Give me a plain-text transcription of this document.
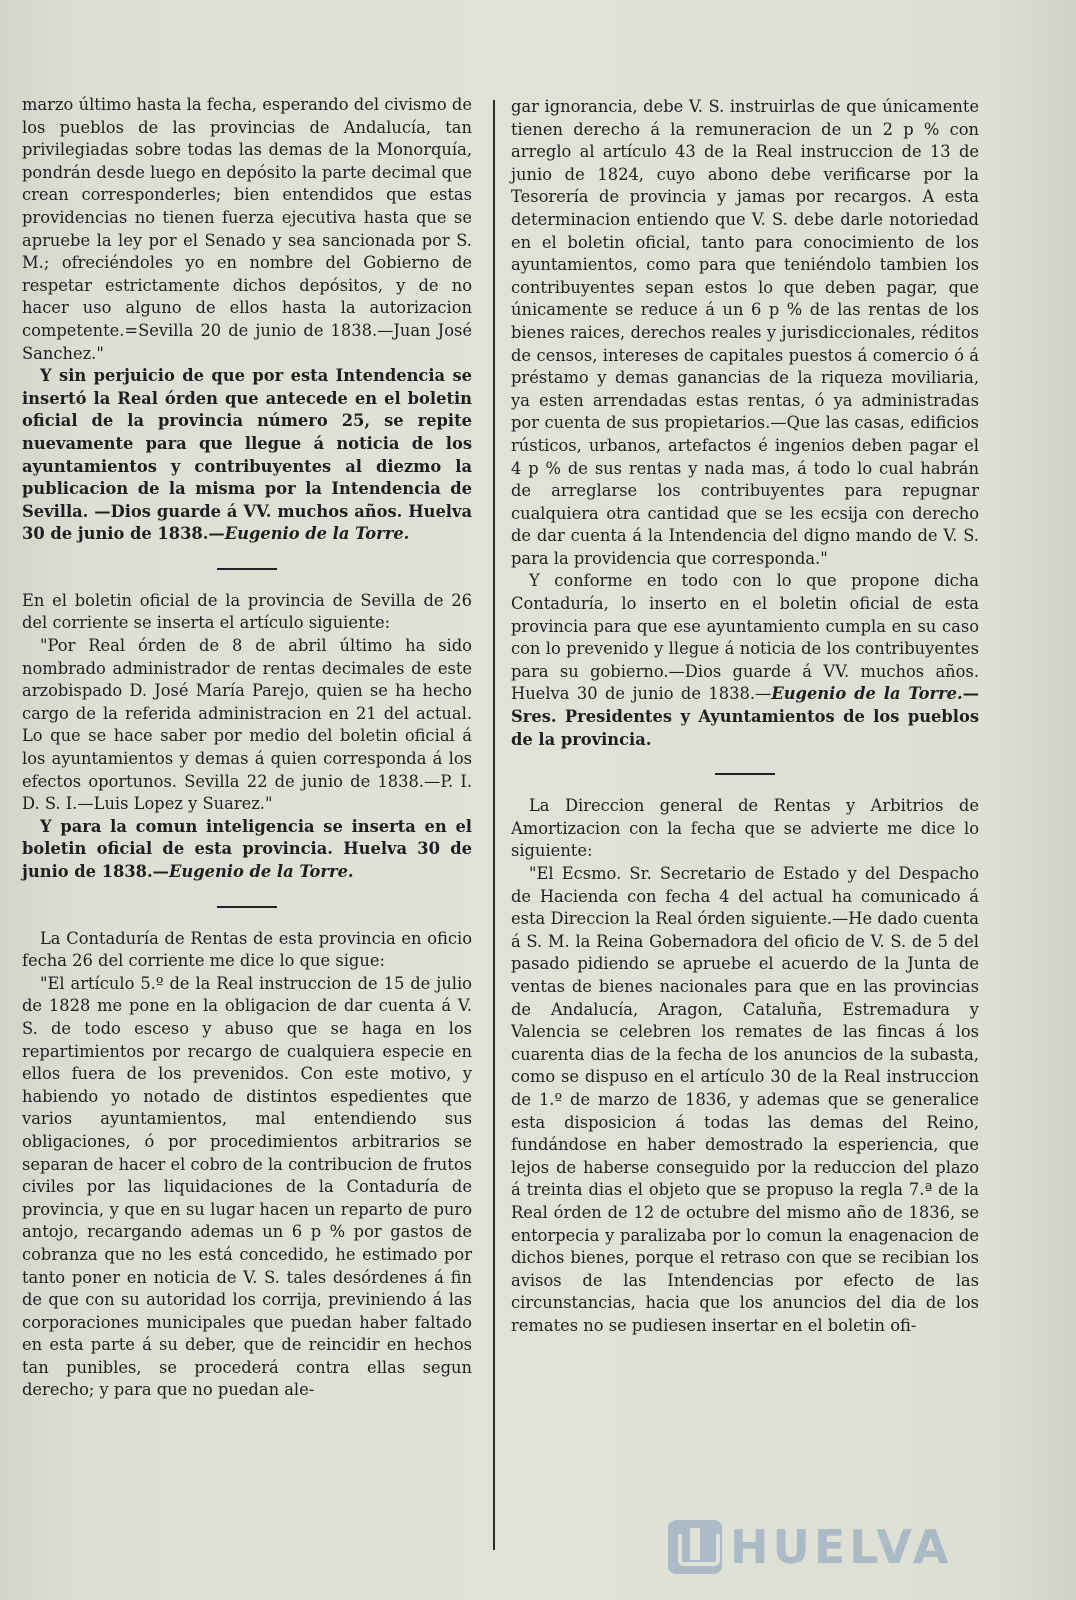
marzo último hasta la fecha, esperando del civismo de los pueblos de las provincias de Andalucía, tan privilegiadas sobre todas las demas de la Monorquía, pondrán desde luego en depósito la parte decimal que crean corresponderles; bien entendidos que estas providencias no tienen fuerza ejecutiva hasta que se apruebe la ley por el Senado y sea sancionada por S. M.; ofreciéndoles yo en nombre del Gobierno de respetar estrictamente dichos depósitos, y de no hacer uso alguno de ellos hasta la autorizacion competente.=Sevilla 20 de junio de 1838.—Juan José Sanchez."

Y sin perjuicio de que por esta Intendencia se insertó la Real órden que antecede en el boletin oficial de la provincia número 25, se repite nuevamente para que llegue á noticia de los ayuntamientos y contribuyentes al diezmo la publicacion de la misma por la Intendencia de Sevilla. —Dios guarde á VV. muchos años. Huelva 30 de junio de 1838.—Eugenio de la Torre.

En el boletin oficial de la provincia de Sevilla de 26 del corriente se inserta el artículo siguiente:

"Por Real órden de 8 de abril último ha sido nombrado administrador de rentas decimales de este arzobispado D. José María Parejo, quien se ha hecho cargo de la referida administracion en 21 del actual. Lo que se hace saber por medio del boletin oficial á los ayuntamientos y demas á quien corresponda á los efectos oportunos. Sevilla 22 de junio de 1838.—P. I. D. S. I.—Luis Lopez y Suarez."

Y para la comun inteligencia se inserta en el boletin oficial de esta provincia. Huelva 30 de junio de 1838.—Eugenio de la Torre.

La Contaduría de Rentas de esta provincia en oficio fecha 26 del corriente me dice lo que sigue:

"El artículo 5.º de la Real instruccion de 15 de julio de 1828 me pone en la obligacion de dar cuenta á V. S. de todo esceso y abuso que se haga en los repartimientos por recargo de cualquiera especie en ellos fuera de los prevenidos. Con este motivo, y habiendo yo notado de distintos espedientes que varios ayuntamientos, mal entendiendo sus obligaciones, ó por procedimientos arbitrarios se separan de hacer el cobro de la contribucion de frutos civiles por las liquidaciones de la Contaduría de provincia, y que en su lugar hacen un reparto de puro antojo, recargando ademas un 6 p % por gastos de cobranza que no les está concedido, he estimado por tanto poner en noticia de V. S. tales desórdenes á fin de que con su autoridad los corrija, previniendo á las corporaciones municipales que puedan haber faltado en esta parte á su deber, que de reincidir en hechos tan punibles, se procederá contra ellas segun derecho; y para que no puedan ale-

gar ignorancia, debe V. S. instruirlas de que únicamente tienen derecho á la remuneracion de un 2 p % con arreglo al artículo 43 de la Real instruccion de 13 de junio de 1824, cuyo abono debe verificarse por la Tesorería de provincia y jamas por recargos. A esta determinacion entiendo que V. S. debe darle notoriedad en el boletin oficial, tanto para conocimiento de los ayuntamientos, como para que teniéndolo tambien los contribuyentes sepan estos lo que deben pagar, que únicamente se reduce á un 6 p % de las rentas de los bienes raices, derechos reales y jurisdiccionales, réditos de censos, intereses de capitales puestos á comercio ó á préstamo y demas ganancias de la riqueza moviliaria, ya esten arrendadas estas rentas, ó ya administradas por cuenta de sus propietarios.—Que las casas, edificios rústicos, urbanos, artefactos é ingenios deben pagar el 4 p % de sus rentas y nada mas, á todo lo cual habrán de arreglarse los contribuyentes para repugnar cualquiera otra cantidad que se les ecsija con derecho de dar cuenta á la Intendencia del digno mando de V. S. para la providencia que corresponda."

Y conforme en todo con lo que propone dicha Contaduría, lo inserto en el boletin oficial de esta provincia para que ese ayuntamiento cumpla en su caso con lo prevenido y llegue á noticia de los contribuyentes para su gobierno.—Dios guarde á VV. muchos años. Huelva 30 de junio de 1838.—Eugenio de la Torre.—Sres. Presidentes y Ayuntamientos de los pueblos de la provincia.

La Direccion general de Rentas y Arbitrios de Amortizacion con la fecha que se advierte me dice lo siguiente:

"El Ecsmo. Sr. Secretario de Estado y del Despacho de Hacienda con fecha 4 del actual ha comunicado á esta Direccion la Real órden siguiente.—He dado cuenta á S. M. la Reina Gobernadora del oficio de V. S. de 5 del pasado pidiendo se apruebe el acuerdo de la Junta de ventas de bienes nacionales para que en las provincias de Andalucía, Aragon, Cataluña, Estremadura y Valencia se celebren los remates de las fincas á los cuarenta dias de la fecha de los anuncios de la subasta, como se dispuso en el artículo 30 de la Real instruccion de 1.º de marzo de 1836, y ademas que se generalice esta disposicion á todas las demas del Reino, fundándose en haber demostrado la esperiencia, que lejos de haberse conseguido por la reduccion del plazo á treinta dias el objeto que se propuso la regla 7.ª de la Real órden de 12 de octubre del mismo año de 1836, se entorpecia y paralizaba por lo comun la enagenacion de dichos bienes, porque el retraso con que se recibian los avisos de las Intendencias por efecto de las circunstancias, hacia que los anuncios del dia de los remates no se pudiesen insertar en el boletin ofi-

HUELVA
